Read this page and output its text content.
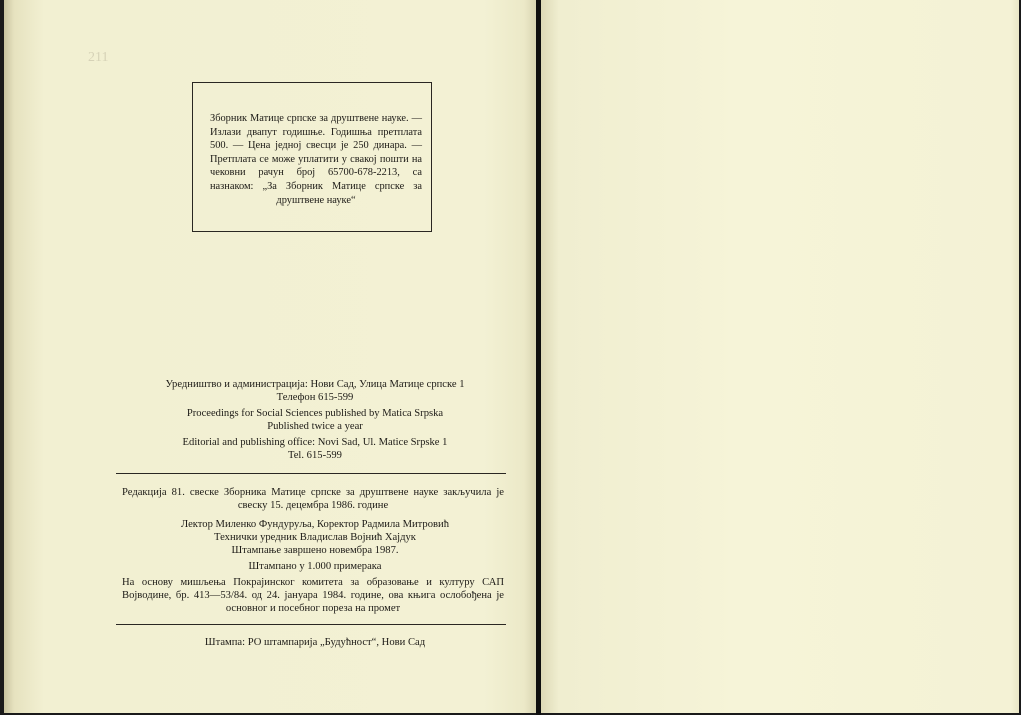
211
Зборник Матице српске за друштвене науке. — Излази двапут годишње. Годишња претплата 500. — Цена једној свесци је 250 динара. — Претплата се може уплатити у свакој пошти на чековни рачун број 65700-678-2213, са назнаком: „За Зборник Матице српске за друштвене науке“

Уредништво и администрација: Нови Сад, Улица Матице српске 1

Телефон 615-599

Proceedings for Social Sciences published by Matica Srpska

Published twice a year

Editorial and publishing office: Novi Sad, Ul. Matice Srpske 1

Tel. 615-599

Редакција 81. свеске Зборника Матице српске за друштвене науке закључила је свеску 15. децембра 1986. године

Лектор Миленко Фундуруља, Коректор Радмила Митровић

Технички уредник Владислав Војнић Хајдук

Штампање завршено новембра 1987.

Штампано у 1.000 примерака
На основу мишљења Покрајинског комитета за образовање и културу САП Војводине, бр. 413—53/84. од 24. јануара 1984. године, ова књига ослобођена је основног и посебног пореза на промет
Штампа: РО штампарија „Будућност“, Нови Сад
